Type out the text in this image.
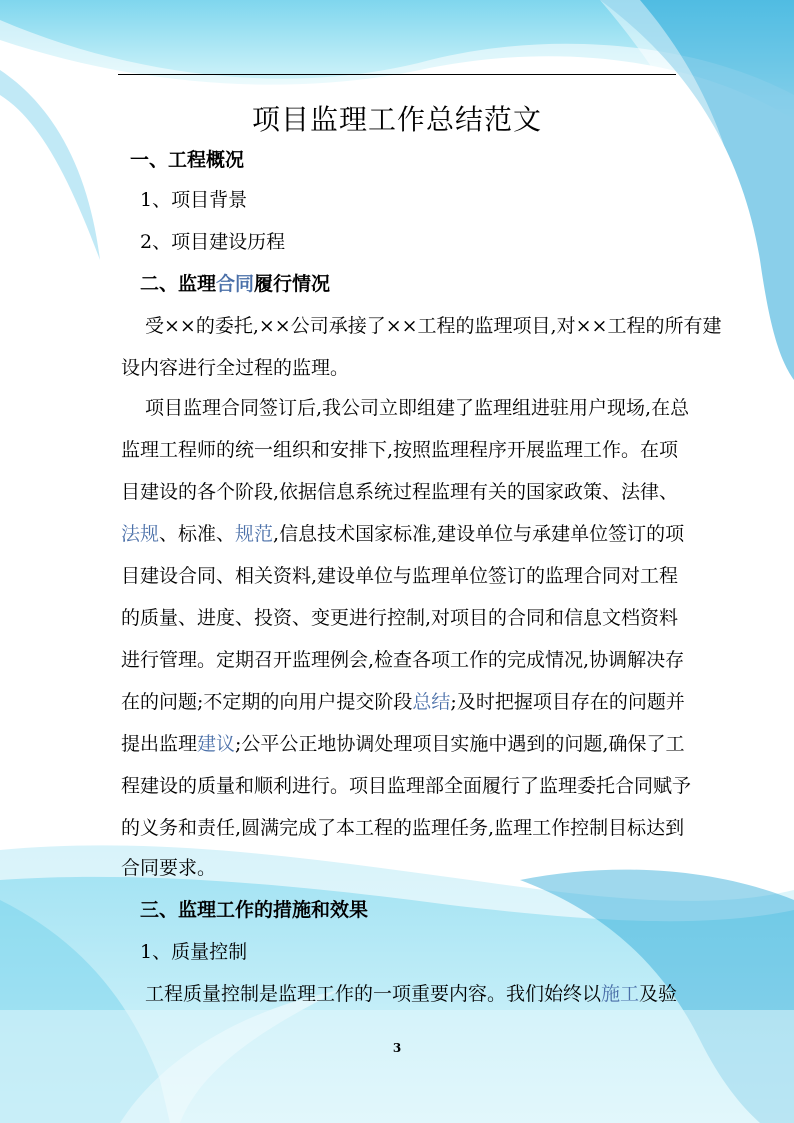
项目监理工作总结范文
一、工程概况
1、项目背景
2、项目建设历程
二、监理合同履行情况
受××的委托,××公司承接了××工程的监理项目,对××工程的所有建
设内容进行全过程的监理。
项目监理合同签订后,我公司立即组建了监理组进驻用户现场,在总
监理工程师的统一组织和安排下,按照监理程序开展监理工作。在项
目建设的各个阶段,依据信息系统过程监理有关的国家政策、法律、
法规、标准、规范,信息技术国家标准,建设单位与承建单位签订的项
目建设合同、相关资料,建设单位与监理单位签订的监理合同对工程
的质量、进度、投资、变更进行控制,对项目的合同和信息文档资料
进行管理。定期召开监理例会,检查各项工作的完成情况,协调解决存
在的问题;不定期的向用户提交阶段总结;及时把握项目存在的问题并
提出监理建议;公平公正地协调处理项目实施中遇到的问题,确保了工
程建设的质量和顺利进行。项目监理部全面履行了监理委托合同赋予
的义务和责任,圆满完成了本工程的监理任务,监理工作控制目标达到
合同要求。
三、监理工作的措施和效果
1、质量控制
工程质量控制是监理工作的一项重要内容。我们始终以施工及验
3
